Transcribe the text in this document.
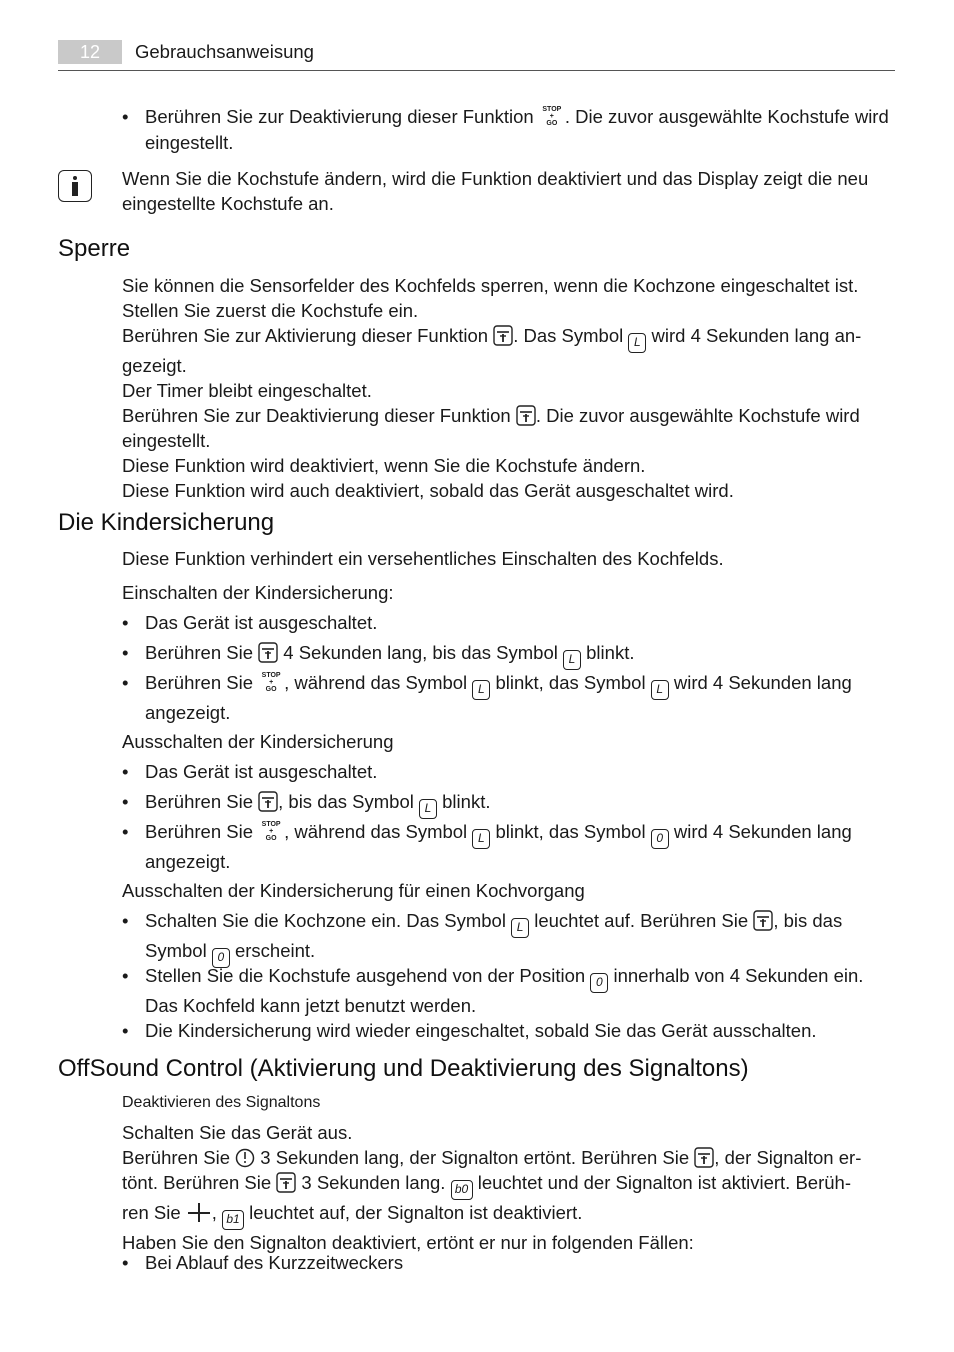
12	Gebrauchsanweisung
• Berühren Sie zur Deaktivierung dieser Funktion STOP
+
GO . Die zuvor ausgewählte Kochstufe wird eingestellt.
Wenn Sie die Kochstufe ändern, wird die Funktion deaktiviert und das Display zeigt die neu eingestellte Kochstufe an.
Sperre
Sie können die Sensorfelder des Kochfelds sperren, wenn die Kochzone eingeschaltet ist.
Stellen Sie zuerst die Kochstufe ein.
Berühren Sie zur Aktivierung dieser Funktion . Das Symbol L wird 4 Sekunden lang an-
gezeigt.
Der Timer bleibt eingeschaltet.
Berühren Sie zur Deaktivierung dieser Funktion . Die zuvor ausgewählte Kochstufe wird
eingestellt.
Diese Funktion wird deaktiviert, wenn Sie die Kochstufe ändern.
Diese Funktion wird auch deaktiviert, sobald das Gerät ausgeschaltet wird.
Die Kindersicherung
Diese Funktion verhindert ein versehentliches Einschalten des Kochfelds.
Einschalten der Kindersicherung:
• Das Gerät ist ausgeschaltet.
• Berühren Sie  4 Sekunden lang, bis das Symbol L blinkt.
• Berühren Sie STOP
+
GO , während das Symbol L blinkt, das Symbol L wird 4 Sekunden lang
angezeigt.
Ausschalten der Kindersicherung
• Das Gerät ist ausgeschaltet.
• Berühren Sie , bis das Symbol L blinkt.
• Berühren Sie STOP
+
GO , während das Symbol L blinkt, das Symbol 0 wird 4 Sekunden lang
angezeigt.
Ausschalten der Kindersicherung für einen Kochvorgang
• Schalten Sie die Kochzone ein. Das Symbol L leuchtet auf. Berühren Sie , bis das
Symbol 0 erscheint.
• Stellen Sie die Kochstufe ausgehend von der Position 0 innerhalb von 4 Sekunden ein.
Das Kochfeld kann jetzt benutzt werden.
• Die Kindersicherung wird wieder eingeschaltet, sobald Sie das Gerät ausschalten.
OffSound Control (Aktivierung und Deaktivierung des Signaltons)
Deaktivieren des Signaltons
Schalten Sie das Gerät aus.
Berühren Sie  3 Sekunden lang, der Signalton ertönt. Berühren Sie , der Signalton er-
tönt. Berühren Sie  3 Sekunden lang. b0 leuchtet und der Signalton ist aktiviert. Berüh-
ren Sie , b1 leuchtet auf, der Signalton ist deaktiviert.
Haben Sie den Signalton deaktiviert, ertönt er nur in folgenden Fällen:
• Bei Ablauf des Kurzzeitweckers
